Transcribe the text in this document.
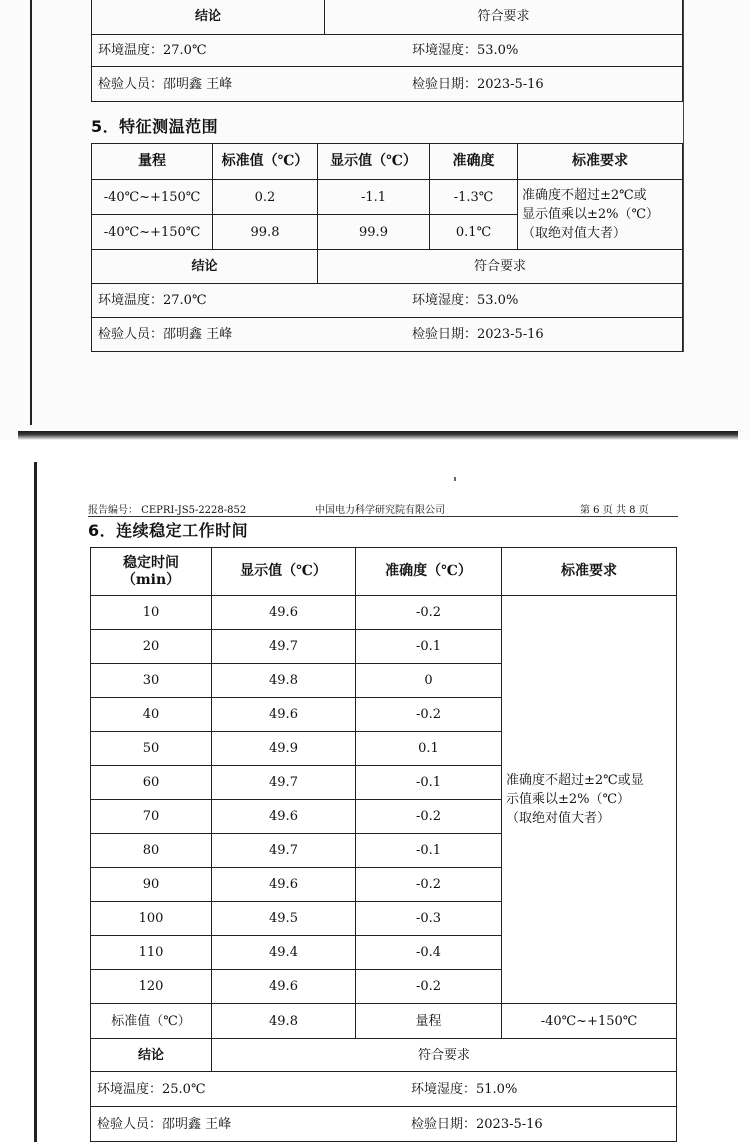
结论	符合要求
环境温度：27.0℃	环境湿度：53.0%
检验人员：邵明鑫 王峰	检验日期：2023-5-16
5．特征测温范围
量程	标准值（℃）	显示值（℃）	准确度	标准要求
-40℃~+150℃	0.2	-1.1	-1.3℃	准确度不超过±2℃或
显示值乘以±2%（℃）
（取绝对值大者）

-40℃~+150℃	99.8	99.9	0.1℃	
结论		符合要求		
环境温度：27.0℃ 环境湿度：53.0%				
检验人员：邵明鑫 王峰 检验日期：2023-5-16				
报告编号： CEPRI-JS5-2228-852	中国电力科学研究院有限公司	第 6 页 共 8 页
6．连续稳定工作时间
稳定时间
（min）	显示值（℃）	准确度（℃）	标准要求
10	49.6	-0.2	准确度不超过±2℃或显
示值乘以±2%（℃）
（取绝对值大者）

20	49.7	-0.1	
30	49.8	0	
40	49.6	-0.2	
50	49.9	0.1	
60	49.7	-0.1	
70	49.6	-0.2	
80	49.7	-0.1	
90	49.6	-0.2	
100	49.5	-0.3	
110	49.4	-0.4	
120	49.6	-0.2	
标准值（℃）	49.8	量程	-40℃~+150℃
结论	符合要求		
环境温度：25.0℃ 环境湿度：51.0%			
检验人员：邵明鑫 王峰 检验日期：2023-5-16			
